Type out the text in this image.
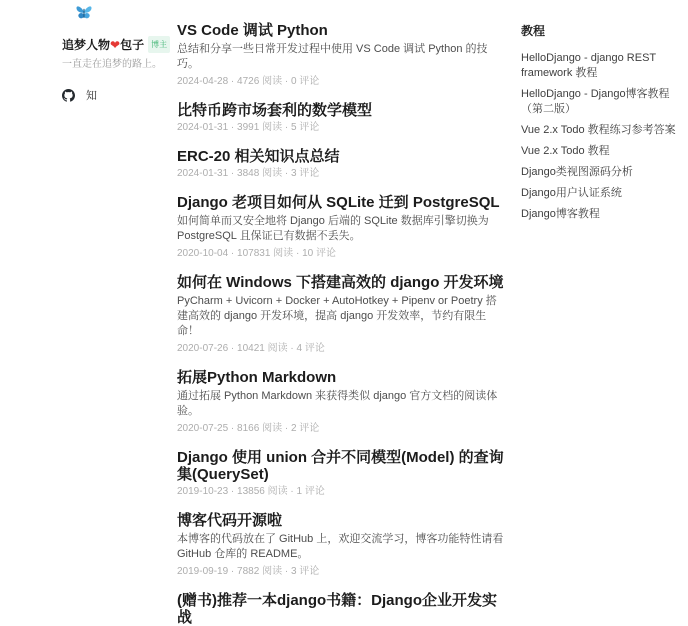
追梦人物❤包子 博主
一直走在追梦的路上。
知
VS Code 调试 Python

总结和分享一些日常开发过程中使用 VS Code 调试 Python 的技巧。

2024-04-28 · 4726 阅读 · 0 评论
比特币跨市场套利的数学模型
2024-01-31 · 3991 阅读 · 5 评论
ERC-20 相关知识点总结
2024-01-31 · 3848 阅读 · 3 评论
Django 老项目如何从 SQLite 迁到 PostgreSQL

如何简单而又安全地将 Django 后端的 SQLite 数据库引擎切换为 PostgreSQL 且保证已有数据不丢失。

2020-10-04 · 107831 阅读 · 10 评论
如何在 Windows 下搭建高效的 django 开发环境

PyCharm + Uvicorn + Docker + AutoHotkey + Pipenv or Poetry 搭建高效的 django 开发环境，提高 django 开发效率，节约有限生命！

2020-07-26 · 10421 阅读 · 4 评论
拓展Python Markdown

通过拓展 Python Markdown 来获得类似 django 官方文档的阅读体验。

2020-07-25 · 8166 阅读 · 2 评论
Django 使用 union 合并不同模型(Model) 的查询集(QuerySet)
2019-10-23 · 13856 阅读 · 1 评论
博客代码开源啦

本博客的代码放在了 GitHub 上，欢迎交流学习，博客功能特性请看 GitHub 仓库的 README。

2019-09-19 · 7882 阅读 · 3 评论
(赠书)推荐一本django书籍：Django企业开发实战
教程
HelloDjango - django REST framework 教程
HelloDjango - Django博客教程（第二版）
Vue 2.x Todo 教程练习参考答案
Vue 2.x Todo 教程
Django类视图源码分析
Django用户认证系统
Django博客教程
